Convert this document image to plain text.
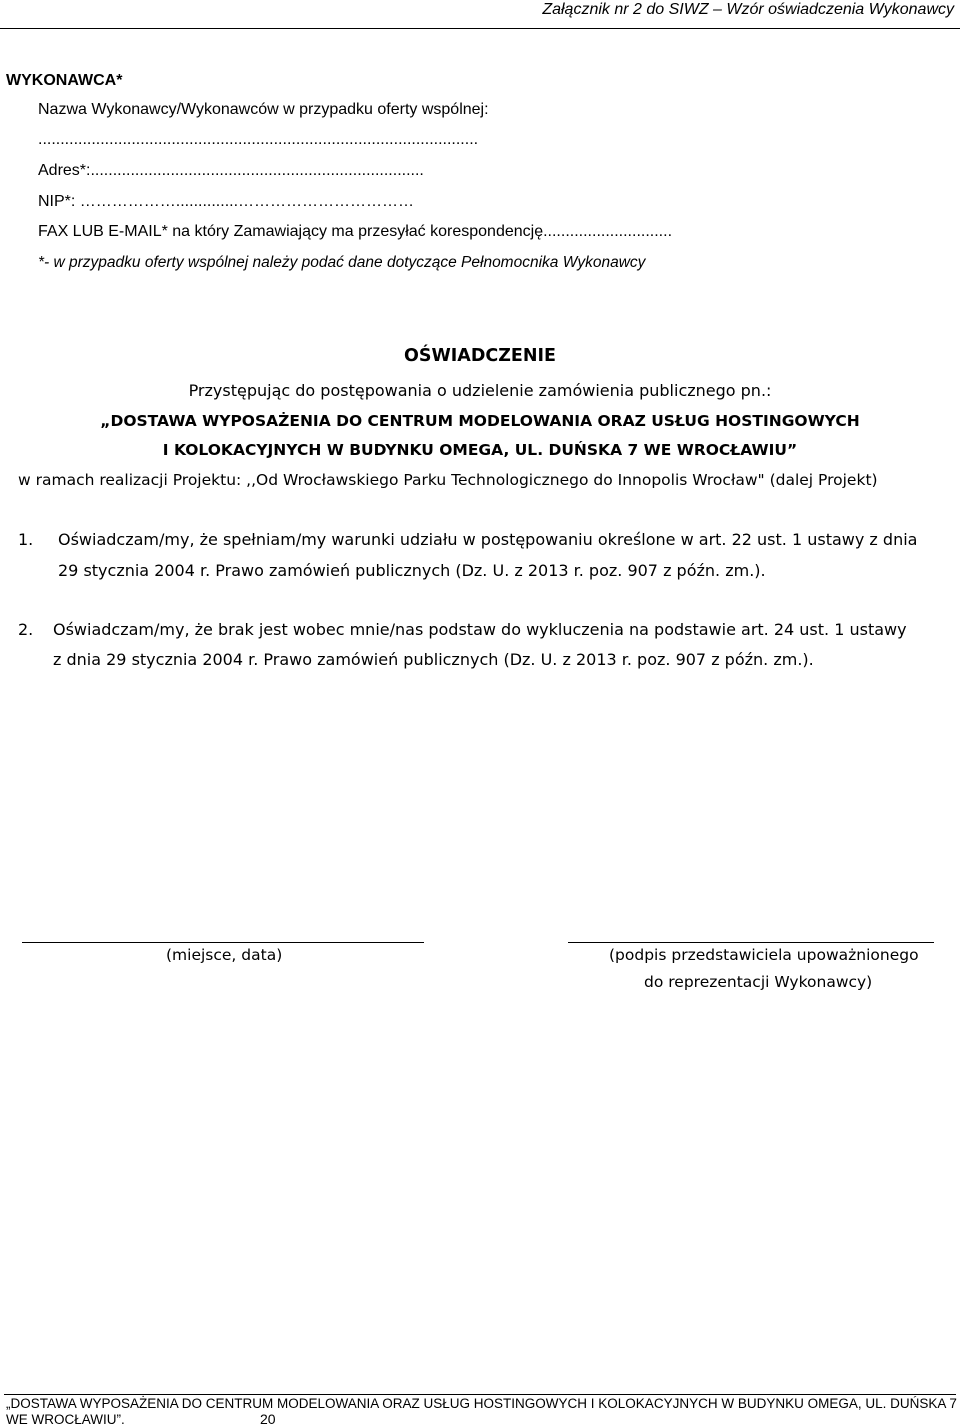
Załącznik nr 2 do SIWZ – Wzór oświadczenia Wykonawcy
WYKONAWCA*
Nazwa Wykonawcy/Wykonawców w przypadku oferty wspólnej:
...................................................................................................
Adres*:...........................................................................
NIP*: ………………..............……………………………
FAX LUB E-MAIL* na który Zamawiający ma przesyłać korespondencję.............................
*- w przypadku oferty wspólnej należy podać dane dotyczące Pełnomocnika Wykonawcy
OŚWIADCZENIE
Przystępując do postępowania o udzielenie zamówienia publicznego pn.:
„DOSTAWA WYPOSAŻENIA DO CENTRUM MODELOWANIA ORAZ USŁUG HOSTINGOWYCH
I KOLOKACYJNYCH W BUDYNKU OMEGA, UL. DUŃSKA 7 WE WROCŁAWIU”
w ramach realizacji Projektu: ,,Od Wrocławskiego Parku Technologicznego do Innopolis Wrocław" (dalej Projekt)
1. Oświadczam/my, że spełniam/my warunki udziału w postępowaniu określone w art. 22 ust. 1 ustawy z dnia
29 stycznia 2004 r. Prawo zamówień publicznych (Dz. U. z 2013 r. poz. 907 z późn. zm.).
2. Oświadczam/my, że brak jest wobec mnie/nas podstaw do wykluczenia na podstawie art. 24 ust. 1 ustawy
z dnia 29 stycznia 2004 r. Prawo zamówień publicznych (Dz. U. z 2013 r. poz. 907 z późn. zm.).
(miejsce, data)	(podpis przedstawiciela upoważnionego
do reprezentacji Wykonawcy)
„DOSTAWA WYPOSAŻENIA DO CENTRUM MODELOWANIA ORAZ USŁUG HOSTINGOWYCH I KOLOKACYJNYCH W BUDYNKU OMEGA, UL. DUŃSKA 7
WE WROCŁAWIU”.	20
